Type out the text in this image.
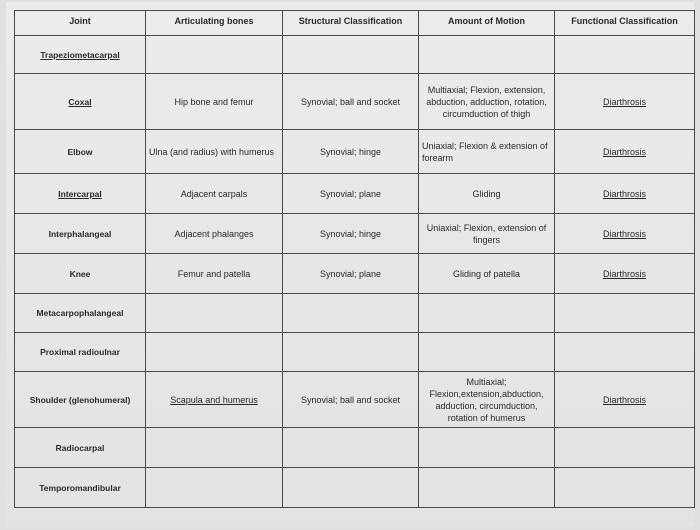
Joint	Articulating bones	Structural Classification	Amount of Motion	Functional Classification
Trapeziometacarpal				
Coxal	Hip bone and femur	Synovial; ball and socket	Multiaxial; Flexion, extension, abduction, adduction, rotation, circumduction of thigh	Diarthrosis
Elbow	Ulna (and radius) with humerus	Synovial; hinge	Uniaxial; Flexion & extension of forearm	Diarthrosis
Intercarpal	Adjacent carpals	Synovial; plane	Gliding	Diarthrosis
Interphalangeal	Adjacent phalanges	Synovial; hinge	Uniaxial; Flexion, extension of fingers	Diarthrosis
Knee	Femur and patella	Synovial; plane	Gliding of patella	Diarthrosis
Metacarpophalangeal				
Proximal radioulnar				
Shoulder (glenohumeral)	Scapula and humerus	Synovial; ball and socket	Multiaxial; Flexion,extension,abduction, adduction, circumduction, rotation of humerus	Diarthrosis
Radiocarpal				
Temporomandibular				
